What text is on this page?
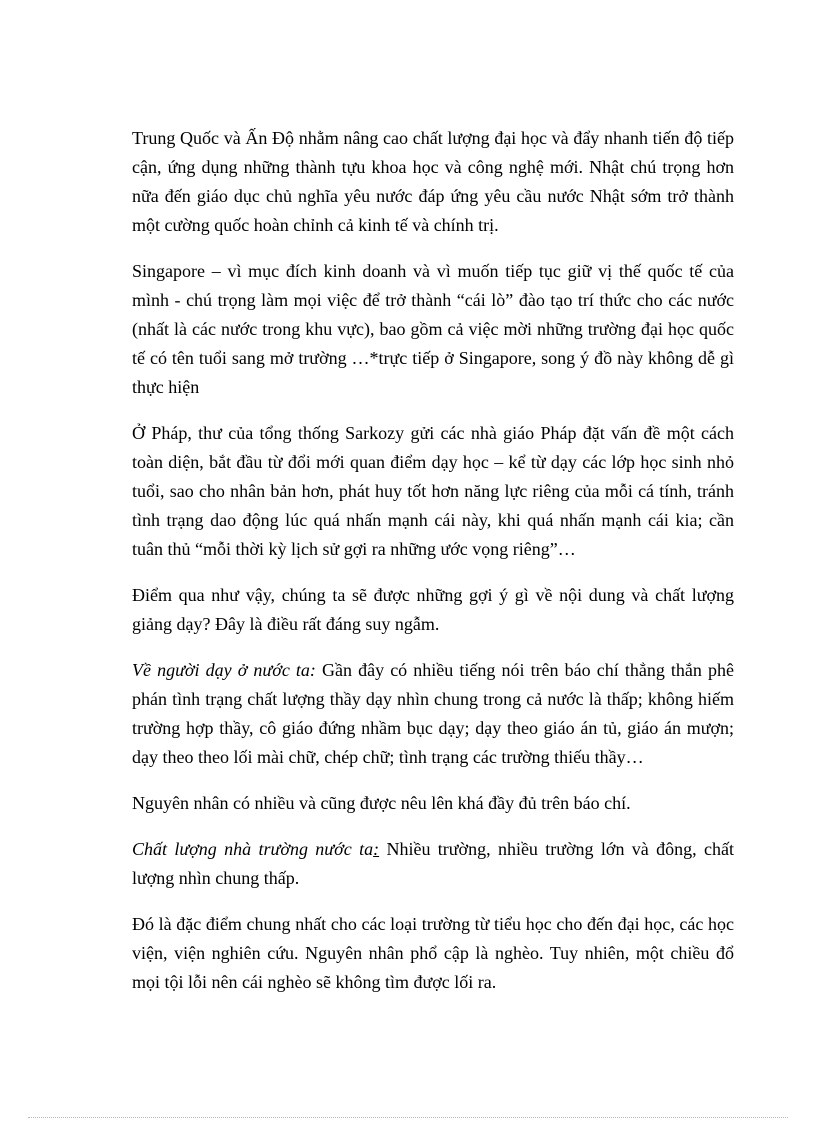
Trung Quốc và Ấn Độ nhằm nâng cao chất lượng đại học và đẩy nhanh tiến độ tiếp cận, ứng dụng những thành tựu khoa học và công nghệ mới. Nhật chú trọng hơn nữa đến giáo dục chủ nghĩa yêu nước đáp ứng yêu cầu nước Nhật sớm trở thành một cường quốc hoàn chỉnh cả kinh tế và chính trị.

Singapore – vì mục đích kinh doanh và vì muốn tiếp tục giữ vị thế quốc tế của mình - chú trọng làm mọi việc để trở thành “cái lò” đào tạo trí thức cho các nước (nhất là các nước trong khu vực), bao gồm cả việc mời những trường đại học quốc tế có tên tuổi sang mở trường …*trực tiếp ở Singapore, song ý đồ này không dễ gì thực hiện

Ở Pháp, thư của tổng thống Sarkozy gửi các nhà giáo Pháp đặt vấn đề một cách toàn diện, bắt đầu từ đổi mới quan điểm dạy học – kể từ dạy các lớp học sinh nhỏ tuổi, sao cho nhân bản hơn, phát huy tốt hơn năng lực riêng của mỗi cá tính, tránh tình trạng dao động lúc quá nhấn mạnh cái này, khi quá nhấn mạnh cái kia; cần tuân thủ “mỗi thời kỳ lịch sử gợi ra những ước vọng riêng”…

Điểm qua như vậy, chúng ta sẽ được những gợi ý gì về nội dung và chất lượng giảng dạy? Đây là điều rất đáng suy ngẫm.

Về người dạy ở nước ta: Gần đây có nhiều tiếng nói trên báo chí thẳng thắn phê phán tình trạng chất lượng thầy dạy nhìn chung trong cả nước là thấp; không hiếm trường hợp thầy, cô giáo đứng nhầm bục dạy; dạy theo giáo án tủ, giáo án mượn; dạy theo theo lối mài chữ, chép chữ; tình trạng các trường thiếu thầy…

Nguyên nhân có nhiều và cũng được nêu lên khá đầy đủ trên báo chí.

Chất lượng nhà trường nước ta: Nhiều trường, nhiều trường lớn và đông, chất lượng nhìn chung thấp.

Đó là đặc điểm chung nhất cho các loại trường từ tiểu học cho đến đại học, các học viện, viện nghiên cứu. Nguyên nhân phổ cập là nghèo. Tuy nhiên, một chiều đổ mọi tội lỗi nên cái nghèo sẽ không tìm được lối ra.
